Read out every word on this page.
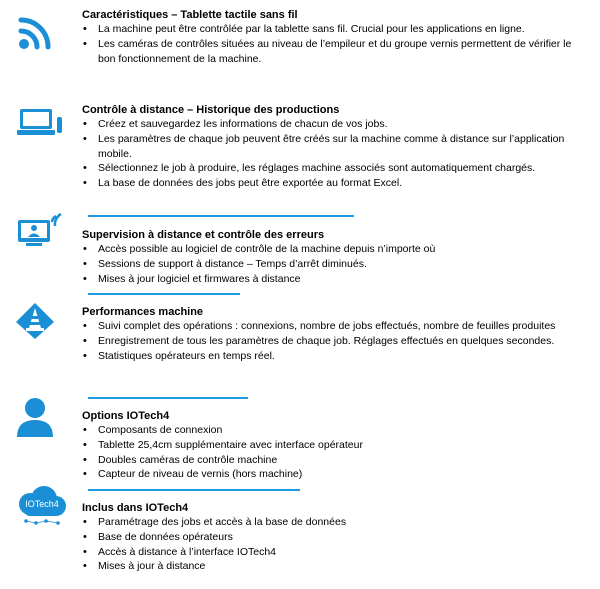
Caractéristiques – Tablette tactile sans fil

• La machine peut être contrôlée par la tablette sans fil. Crucial pour les applications en ligne.
• Les caméras de contrôles situées au niveau de l’empileur et du groupe vernis permettent de vérifier le bon fonctionnement de la machine.

Contrôle à distance – Historique des productions

• Créez et sauvegardez les informations de chacun de vos jobs.
• Les paramètres de chaque job peuvent être créés sur la machine comme à distance sur l’application mobile.
• Sélectionnez le job à produire, les réglages machine associés sont automatiquement chargés.
• La base de données des jobs peut être exportée au format Excel.

Supervision à distance et contrôle des erreurs

• Accès possible au logiciel de contrôle de la machine depuis n’importe où
• Sessions de support à distance – Temps d’arrêt diminués.
• Mises à jour logiciel et firmwares à distance

Performances machine

• Suivi complet des opérations : connexions, nombre de jobs effectués, nombre de feuilles produites
• Enregistrement de tous les paramètres de chaque job. Réglages effectués en quelques secondes.
• Statistiques opérateurs en temps réel.

Options IOTech4

• Composants de connexion
• Tablette 25,4cm supplémentaire avec interface opérateur
• Doubles caméras de contrôle machine
• Capteur de niveau de vernis (hors machine)
IOTech4 Inclus dans IOTech4

• Paramétrage des jobs et accès à la base de données
• Base de données opérateurs
• Accès à distance à l’interface IOTech4
• Mises à jour à distance
